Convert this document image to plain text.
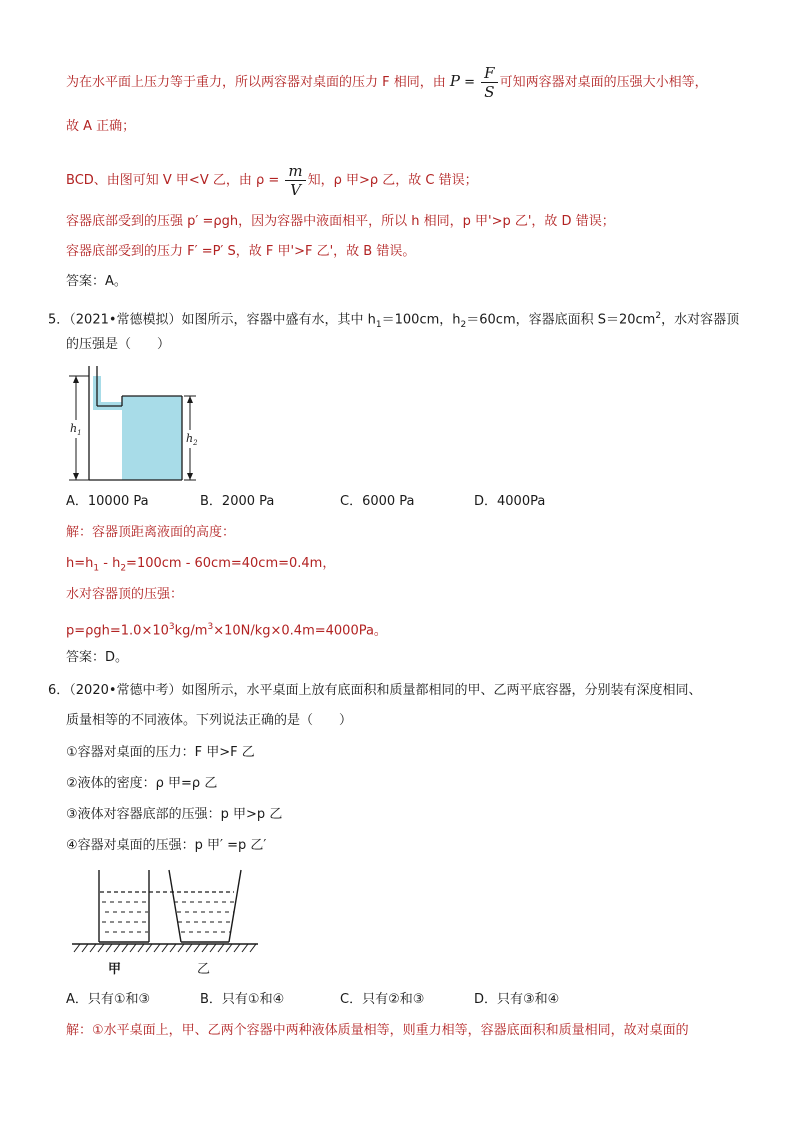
为在水平面上压力等于重力，所以两容器对桌面的压力 F 相同，由 $P = \frac{F}{S}$ 可知两容器对桌面的压强大小相等，
故 A 正确；
BCD、由图可知 V 甲<V 乙，由 $\rho = \frac{m}{V}$ 知，ρ 甲>ρ 乙，故 C 错误；
容器底部受到的压强 p′ =ρgh，因为容器中液面相平，所以 h 相同，p 甲'>p 乙'，故 D 错误；
容器底部受到的压力 F′ =P′ S，故 F 甲'>F 乙'，故 B 错误。
答案：A。
5．（2021•常德模拟）如图所示，容器中盛有水，其中 $h_1=100cm$，$h_2=60cm$，容器底面积 $S=20cm^2$，水对容器顶
的压强是（　　）
$h_1$	$h_2$
A．10000 Pa	B．2000 Pa	C．6000 Pa	D．4000Pa
解：容器顶距离液面的高度：
$h=h_1 - h_2=100cm - 60cm=40cm=0.4m$，
水对容器顶的压强：
$p=\rho gh=1.0\times 10^3kg/m^3\times 10N/kg\times 0.4m=4000Pa$。
答案：D。
6．（2020•常德中考）如图所示，水平桌面上放有底面积和质量都相同的甲、乙两平底容器，分别装有深度相同、
质量相等的不同液体。下列说法正确的是（　　）
①容器对桌面的压力：F 甲>F 乙
②液体的密度：ρ 甲=ρ 乙
③液体对容器底部的压强：p 甲>p 乙
④容器对桌面的压强：p 甲′ =p 乙′
甲	乙
A．只有①和③	B．只有①和④	C．只有②和③	D．只有③和④
解：①水平桌面上，甲、乙两个容器中两种液体质量相等，则重力相等，容器底面积和质量相同，故对桌面的
